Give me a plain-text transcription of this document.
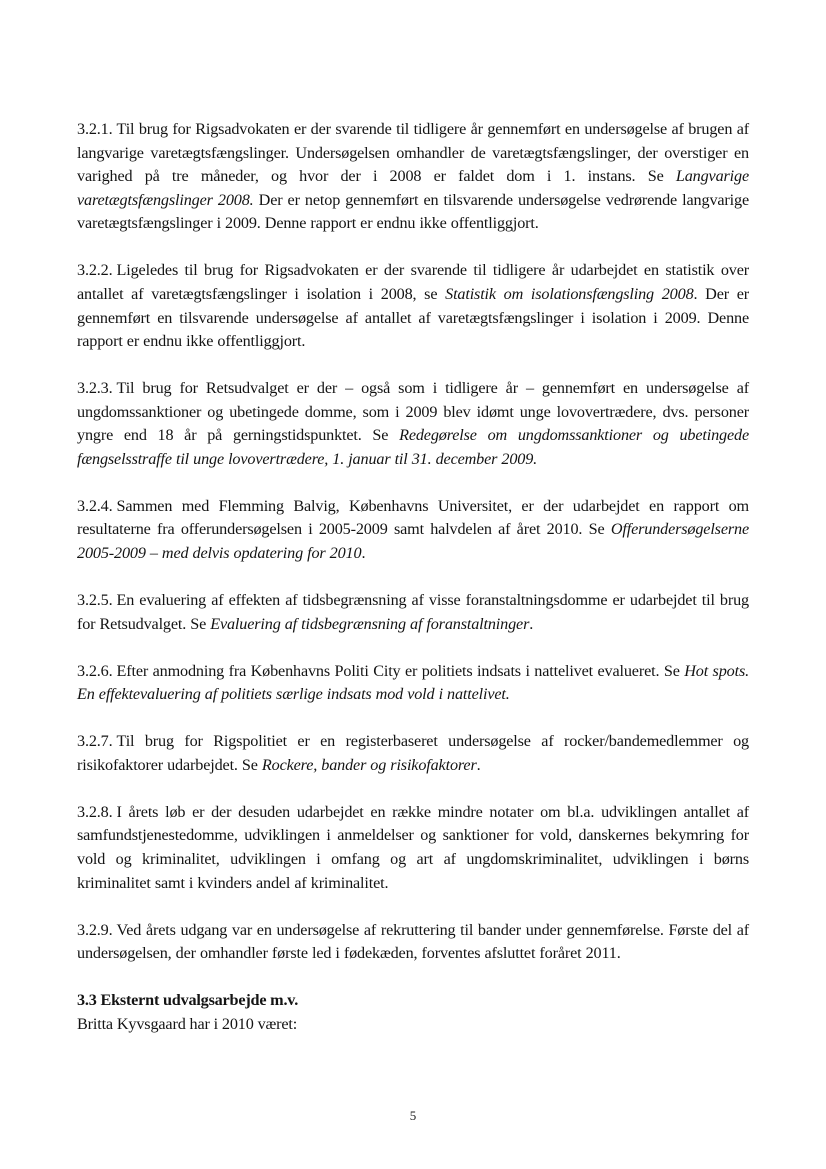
3.2.1. Til brug for Rigsadvokaten er der svarende til tidligere år gennemført en undersøgelse af brugen af langvarige varetægtsfængslinger. Undersøgelsen omhandler de varetægtsfængslinger, der overstiger en varighed på tre måneder, og hvor der i 2008 er faldet dom i 1. instans. Se Langvarige varetægtsfængslinger 2008. Der er netop gennemført en tilsvarende undersøgelse vedrørende langvarige varetægtsfængslinger i 2009. Denne rapport er endnu ikke offentliggjort.

3.2.2. Ligeledes til brug for Rigsadvokaten er der svarende til tidligere år udarbejdet en statistik over antallet af varetægtsfængslinger i isolation i 2008, se Statistik om isolationsfængsling 2008. Der er gennemført en tilsvarende undersøgelse af antallet af varetægtsfængslinger i isolation i 2009. Denne rapport er endnu ikke offentliggjort.

3.2.3. Til brug for Retsudvalget er der – også som i tidligere år – gennemført en undersøgelse af ungdomssanktioner og ubetingede domme, som i 2009 blev idømt unge lovovertrædere, dvs. personer yngre end 18 år på gerningstidspunktet. Se Redegørelse om ungdomssanktioner og ubetingede fængselsstraffe til unge lovovertrædere, 1. januar til 31. december 2009.

3.2.4. Sammen med Flemming Balvig, Københavns Universitet, er der udarbejdet en rapport om resultaterne fra offerundersøgelsen i 2005-2009 samt halvdelen af året 2010. Se Offerundersøgelserne 2005-2009 – med delvis opdatering for 2010.

3.2.5. En evaluering af effekten af tidsbegrænsning af visse foranstaltningsdomme er udarbejdet til brug for Retsudvalget. Se Evaluering af tidsbegrænsning af foranstaltninger.

3.2.6. Efter anmodning fra Københavns Politi City er politiets indsats i nattelivet evalueret. Se Hot spots. En effektevaluering af politiets særlige indsats mod vold i nattelivet.

3.2.7. Til brug for Rigspolitiet er en registerbaseret undersøgelse af rocker/bandemedlemmer og risikofaktorer udarbejdet. Se Rockere, bander og risikofaktorer.

3.2.8. I årets løb er der desuden udarbejdet en række mindre notater om bl.a. udviklingen antallet af samfundstjenestedomme, udviklingen i anmeldelser og sanktioner for vold, danskernes bekymring for vold og kriminalitet, udviklingen i omfang og art af ungdomskriminalitet, udviklingen i børns kriminalitet samt i kvinders andel af kriminalitet.

3.2.9. Ved årets udgang var en undersøgelse af rekruttering til bander under gennemførelse. Første del af undersøgelsen, der omhandler første led i fødekæden, forventes afsluttet foråret 2011.

3.3 Eksternt udvalgsarbejde m.v.

Britta Kyvsgaard har i 2010 været:

5
